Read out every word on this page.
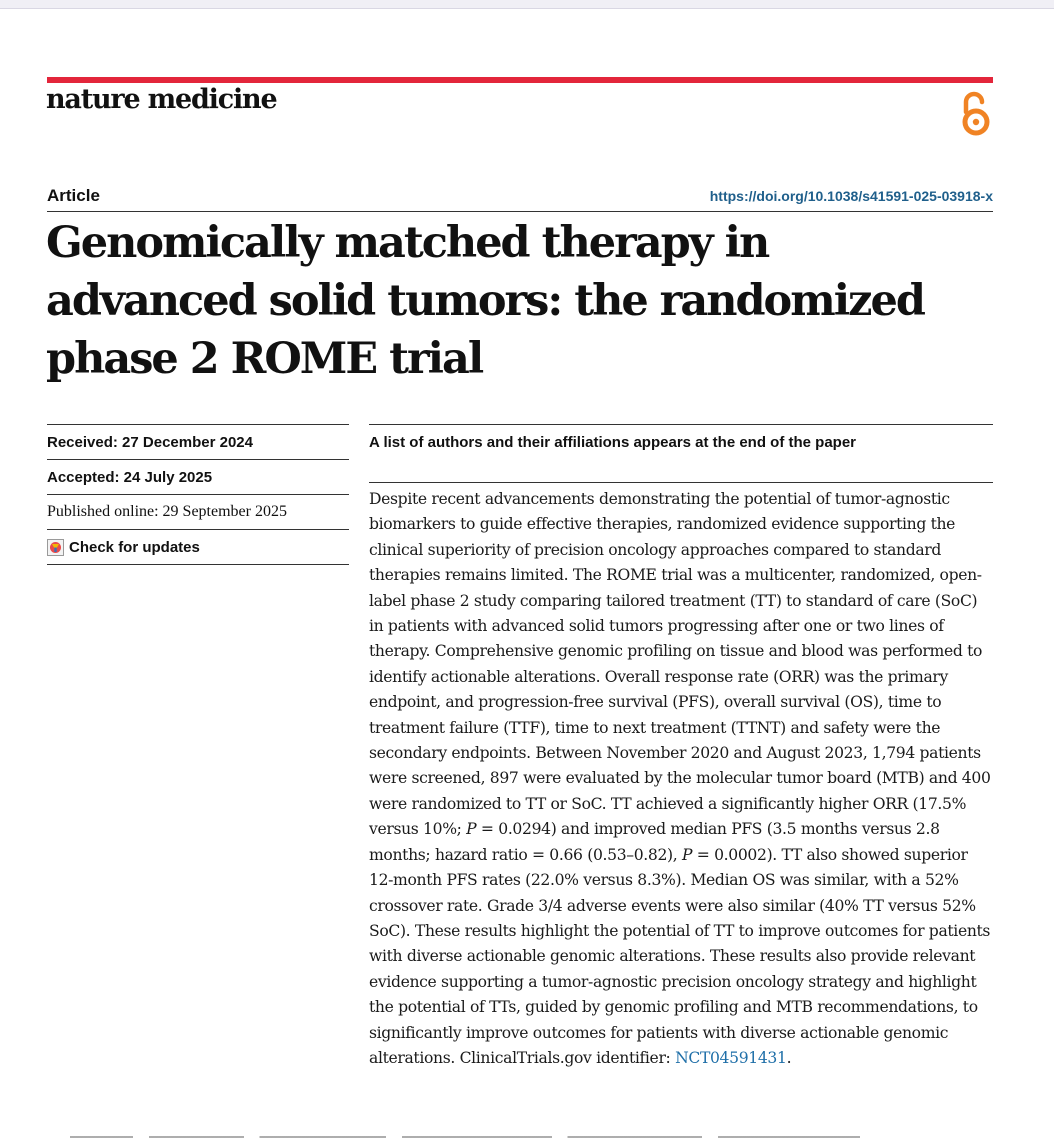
nature medicine
Article	https://doi.org/10.1038/s41591-025-03918-x
Genomically matched therapy in advanced solid tumors: the randomized phase 2 ROME trial
Received: 27 December 2024
Accepted: 24 July 2025
Published online: 29 September 2025
Check for updates
A list of authors and their affiliations appears at the end of the paper

Despite recent advancements demonstrating the potential of tumor-agnostic biomarkers to guide effective therapies, randomized evidence supporting the clinical superiority of precision oncology approaches compared to standard therapies remains limited. The ROME trial was a multicenter, randomized, open-label phase 2 study comparing tailored treatment (TT) to standard of care (SoC) in patients with advanced solid tumors progressing after one or two lines of therapy. Comprehensive genomic profiling on tissue and blood was performed to identify actionable alterations. Overall response rate (ORR) was the primary endpoint, and progression-free survival (PFS), overall survival (OS), time to treatment failure (TTF), time to next treatment (TTNT) and safety were the secondary endpoints. Between November 2020 and August 2023, 1,794 patients were screened, 897 were evaluated by the molecular tumor board (MTB) and 400 were randomized to TT or SoC. TT achieved a significantly higher ORR (17.5% versus 10%; P = 0.0294) and improved median PFS (3.5 months versus 2.8 months; hazard ratio = 0.66 (0.53–0.82), P = 0.0002). TT also showed superior 12-month PFS rates (22.0% versus 8.3%). Median OS was similar, with a 52% crossover rate. Grade 3/4 adverse events were also similar (40% TT versus 52% SoC). These results highlight the potential of TT to improve outcomes for patients with diverse actionable genomic alterations. These results also provide relevant evidence supporting a tumor-agnostic precision oncology strategy and highlight the potential of TTs, guided by genomic profiling and MTB recommendations, to significantly improve outcomes for patients with diverse actionable genomic alterations. ClinicalTrials.gov identifier: NCT04591431.
